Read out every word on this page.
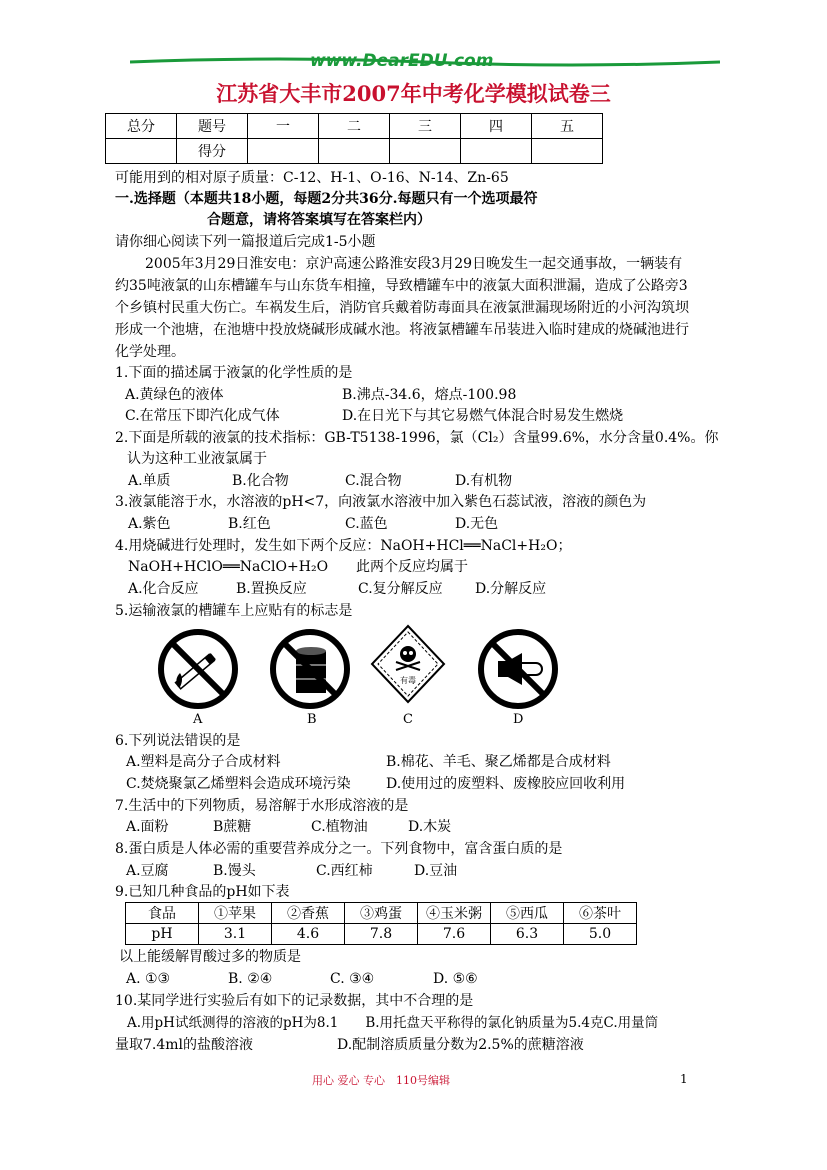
www.DearEDU.com
江苏省大丰市2007年中考化学模拟试卷三
总分	题号	一	二	三	四	五
	得分					
可能用到的相对原子质量：C-12、H-1、O-16、N-14、Zn-65
一.选择题（本题共18小题，每题2分共36分.每题只有一个选项最符
合题意，请将答案填写在答案栏内）
请你细心阅读下列一篇报道后完成1-5小题
2005年3月29日淮安电：京沪高速公路淮安段3月29日晚发生一起交通事故，一辆装有
约35吨液氯的山东槽罐车与山东货车相撞，导致槽罐车中的液氯大面积泄漏，造成了公路旁3
个乡镇村民重大伤亡。车祸发生后，消防官兵戴着防毒面具在液氯泄漏现场附近的小河沟筑坝
形成一个池塘，在池塘中投放烧碱形成碱水池。将液氯槽罐车吊装进入临时建成的烧碱池进行
化学处理。
1.下面的描述属于液氯的化学性质的是
A.黄绿色的液体	B.沸点-34.6，熔点-100.98
C.在常压下即汽化成气体	D.在日光下与其它易燃气体混合时易发生燃烧
2.下面是所载的液氯的技术指标：GB-T5138-1996，氯（Cl₂）含量99.6%，水分含量0.4%。你
认为这种工业液氯属于
A.单质	B.化合物	C.混合物	D.有机物
3.液氯能溶于水，水溶液的pH<7，向液氯水溶液中加入紫色石蕊试液，溶液的颜色为
A.紫色	B.红色	C.蓝色	D.无色
4.用烧碱进行处理时，发生如下两个反应：NaOH+HCl══NaCl+H₂O；
NaOH+HClO══NaClO+H₂O　　此两个反应均属于
A.化合反应	B.置换反应	C.复分解反应 D.分解反应
5.运输液氯的槽罐车上应贴有的标志是
A	B
有毒
C	D
6.下列说法错误的是
A.塑料是高分子合成材料	B.棉花、羊毛、聚乙烯都是合成材料
C.焚烧聚氯乙烯塑料会造成环境污染	D.使用过的废塑料、废橡胶应回收利用
7.生活中的下列物质，易溶解于水形成溶液的是
A.面粉	B蔗糖	C.植物油	D.木炭
8.蛋白质是人体必需的重要营养成分之一。下列食物中，富含蛋白质的是
A.豆腐	B.馒头	C.西红柿	D.豆油
9.已知几种食品的pH如下表
食品	①苹果	②香蕉	③鸡蛋	④玉米粥	⑤西瓜	⑥茶叶
pH	3.1	4.6	7.8	7.6	6.3	5.0
以上能缓解胃酸过多的物质是
A. ①③	B. ②④	C. ③④	D. ⑤⑥
10.某同学进行实验后有如下的记录数据，其中不合理的是
A.用pH试纸测得的溶液的pH为8.1　　B.用托盘天平称得的氯化钠质量为5.4克C.用量筒
量取7.4ml的盐酸溶液　　　　　　D.配制溶质质量分数为2.5%的蔗糖溶液
用心 爱心 专心　110号编辑	1
